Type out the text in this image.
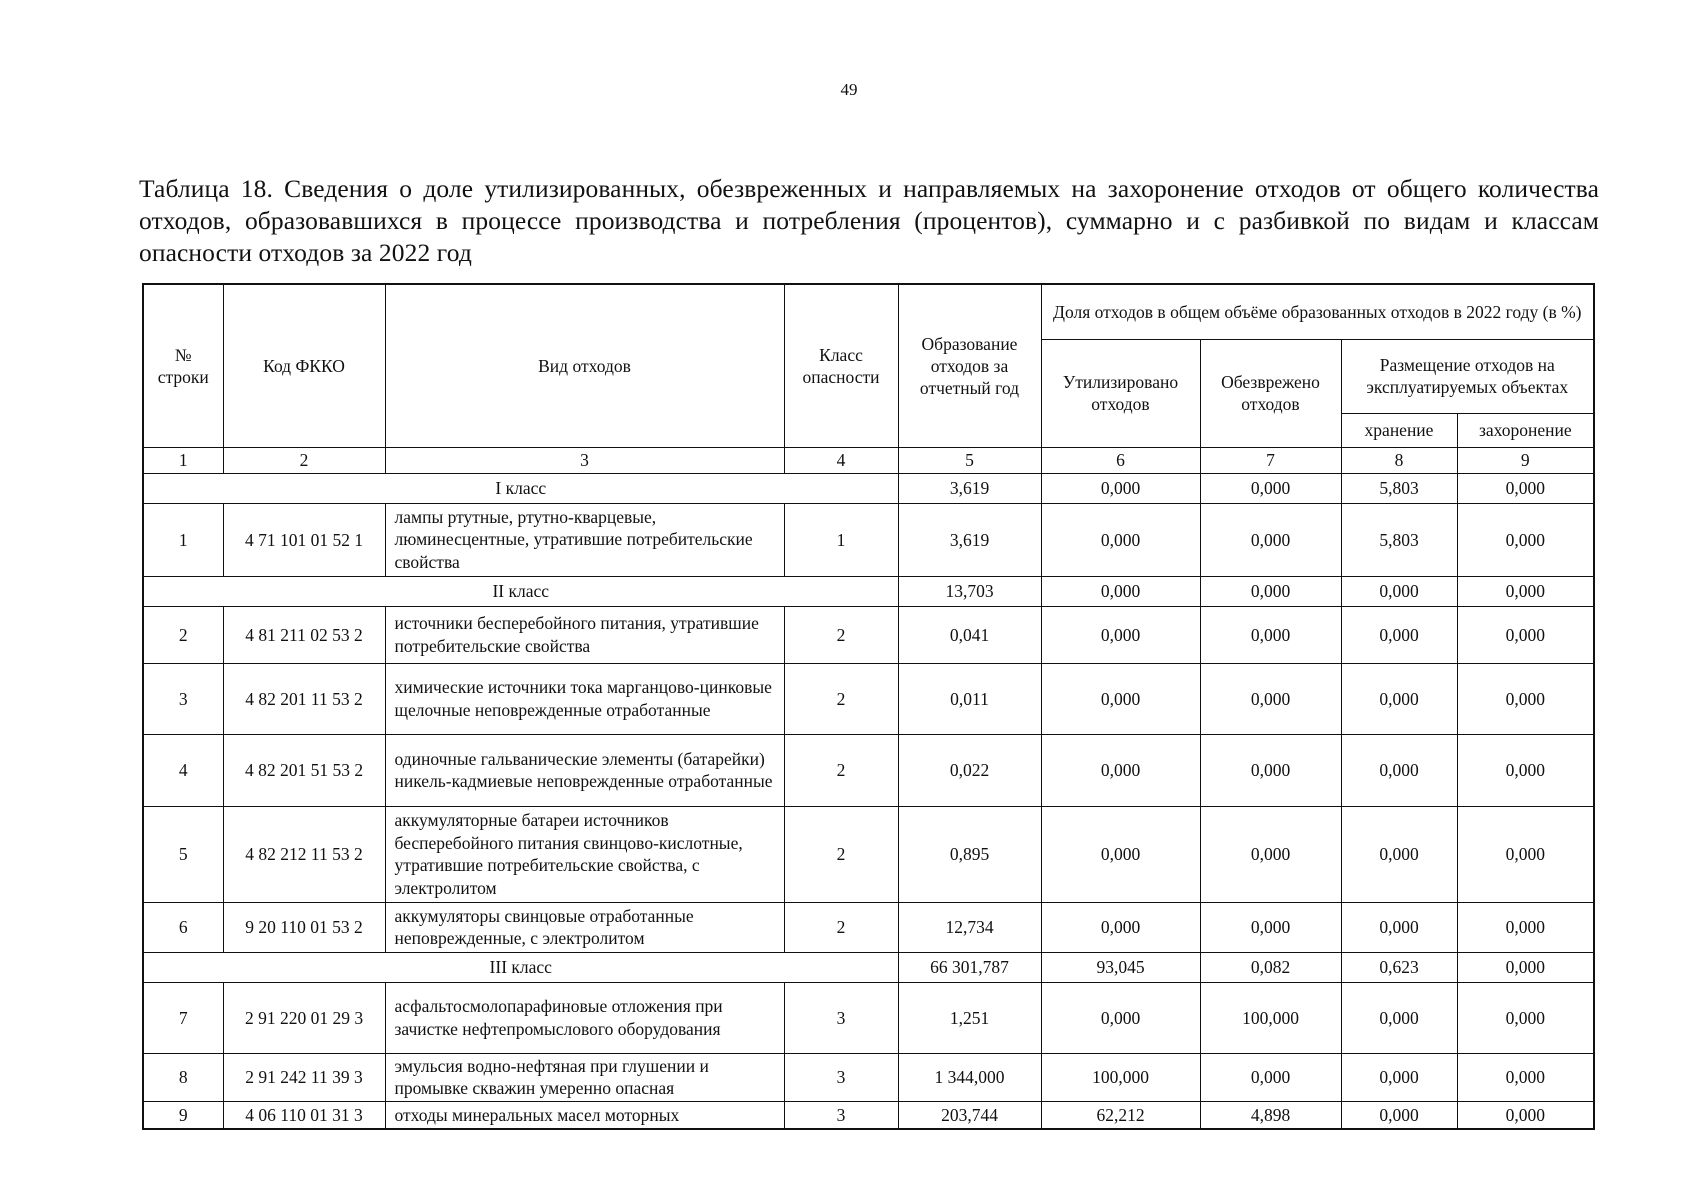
49
Таблица 18. Сведения о доле утилизированных, обезвреженных и направляемых на захоронение отходов от общего количества отходов, образовавшихся в процессе производства и потребления (процентов), суммарно и с разбивкой по видам и классам опасности отходов за 2022 год
№ строки	Код ФККО	Вид отходов	Класс опасности	Образование отходов за отчетный год	Доля отходов в общем объёме образованных отходов в 2022 году (в %)			
					Утилизировано отходов	Обезврежено отходов	Размещение отходов на эксплуатируемых объектах	
							хранение	захоронение
1	2	3	4	5	6	7	8	9
I класс				3,619	0,000	0,000	5,803	0,000
1	4 71 101 01 52 1	лампы ртутные, ртутно-кварцевые, люминесцентные, утратившие потребительские свойства	1	3,619	0,000	0,000	5,803	0,000
II класс				13,703	0,000	0,000	0,000	0,000
2	4 81 211 02 53 2	источники бесперебойного питания, утратившие потребительские свойства	2	0,041	0,000	0,000	0,000	0,000
3	4 82 201 11 53 2	химические источники тока марганцово-цинковые щелочные неповрежденные отработанные	2	0,011	0,000	0,000	0,000	0,000
4	4 82 201 51 53 2	одиночные гальванические элементы (батарейки) никель-кадмиевые неповрежденные отработанные	2	0,022	0,000	0,000	0,000	0,000
5	4 82 212 11 53 2	аккумуляторные батареи источников бесперебойного питания свинцово-кислотные, утратившие потребительские свойства, с электролитом	2	0,895	0,000	0,000	0,000	0,000
6	9 20 110 01 53 2	аккумуляторы свинцовые отработанные неповрежденные, с электролитом	2	12,734	0,000	0,000	0,000	0,000
III класс				66 301,787	93,045	0,082	0,623	0,000
7	2 91 220 01 29 3	асфальтосмолопарафиновые отложения при зачистке нефтепромыслового оборудования	3	1,251	0,000	100,000	0,000	0,000
8	2 91 242 11 39 3	эмульсия водно-нефтяная при глушении и промывке скважин умеренно опасная	3	1 344,000	100,000	0,000	0,000	0,000
9	4 06 110 01 31 3	отходы минеральных масел моторных	3	203,744	62,212	4,898	0,000	0,000
